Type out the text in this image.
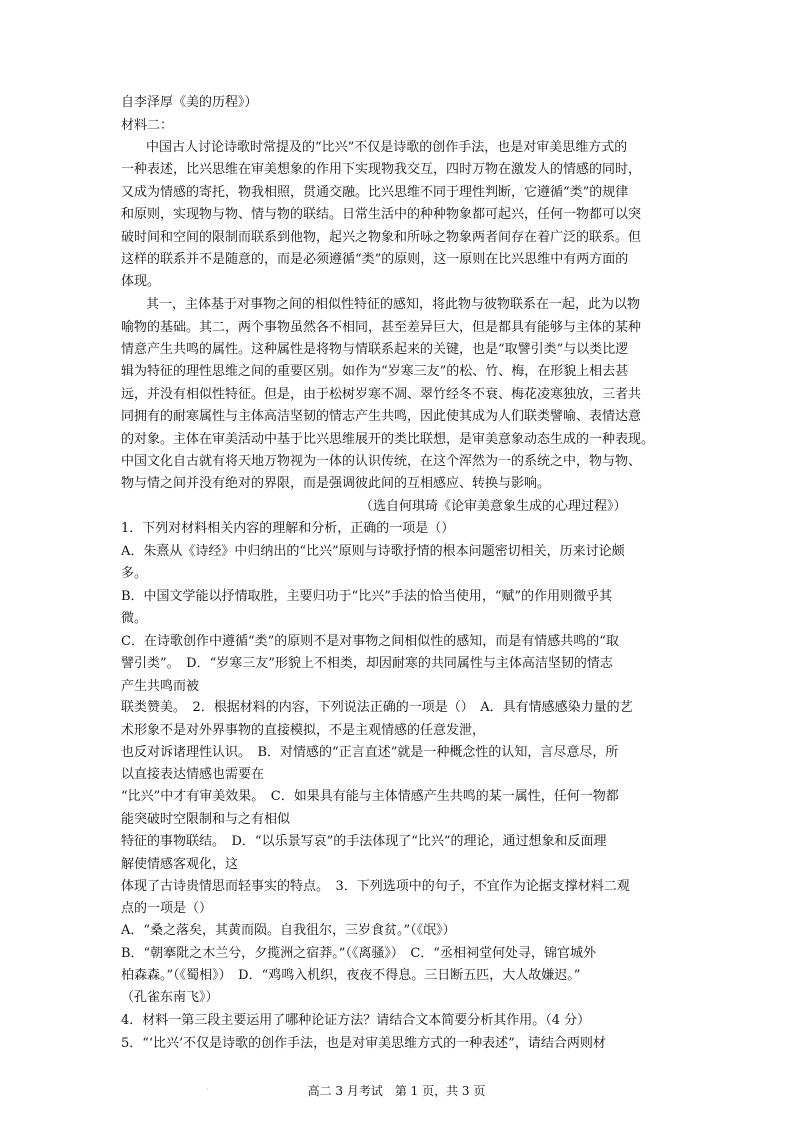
自李泽厚《美的历程》）
材料二：
中国古人讨论诗歌时常提及的“比兴”不仅是诗歌的创作手法，也是对审美思维方式的
一种表述，比兴思维在审美想象的作用下实现物我交互，四时万物在激发人的情感的同时，
又成为情感的寄托，物我相照，贯通交融。比兴思维不同于理性判断，它遵循“类”的规律
和原则，实现物与物、情与物的联结。日常生活中的种种物象都可起兴，任何一物都可以突
破时间和空间的限制而联系到他物，起兴之物象和所咏之物象两者间存在着广泛的联系。但
这样的联系并不是随意的，而是必须遵循“类”的原则，这一原则在比兴思维中有两方面的
体现。
其一，主体基于对事物之间的相似性特征的感知，将此物与彼物联系在一起，此为以物
喻物的基础。其二，两个事物虽然各不相同，甚至差异巨大，但是都具有能够与主体的某种
情意产生共鸣的属性。这种属性是将物与情联系起来的关键，也是“取譬引类”与以类比逻
辑为特征的理性思维之间的重要区别。如作为“岁寒三友”的松、竹、梅，在形貌上相去甚
远，并没有相似性特征。但是，由于松树岁寒不凋、翠竹经冬不衰、梅花凌寒独放，三者共
同拥有的耐寒属性与主体高洁坚韧的情志产生共鸣，因此使其成为人们联类譬喻、表情达意
的对象。主体在审美活动中基于比兴思维展开的类比联想，是审美意象动态生成的一种表现。
中国文化自古就有将天地万物视为一体的认识传统，在这个浑然为一的系统之中，物与物、
物与情之间并没有绝对的界限，而是强调彼此间的互相感应、转换与影响。
（选自何琪琦《论审美意象生成的心理过程》）
1．下列对材料相关内容的理解和分析，正确的一项是（）
A．朱熹从《诗经》中归纳出的“比兴”原则与诗歌抒情的根本问题密切相关，历来讨论颇
多。
B．中国文学能以抒情取胜，主要归功于“比兴”手法的恰当使用，“赋”的作用则微乎其
微。
C．在诗歌创作中遵循“类”的原则不是对事物之间相似性的感知，而是有情感共鸣的“取
譬引类”。　D．“岁寒三友”形貌上不相类，却因耐寒的共同属性与主体高洁坚韧的情志
产生共鸣而被
联类赞美。　2．根据材料的内容，下列说法正确的一项是（）　A．具有情感感染力量的艺
术形象不是对外界事物的直接模拟，不是主观情感的任意发泄，
也反对诉诸理性认识。　B．对情感的“正言直述”就是一种概念性的认知，言尽意尽，所
以直接表达情感也需要在
“比兴”中才有审美效果。　C．如果具有能与主体情感产生共鸣的某一属性，任何一物都
能突破时空限制和与之有相似
特征的事物联结。　D．“以乐景写哀”的手法体现了“比兴”的理论，通过想象和反面理
解使情感客观化，这
体现了古诗贵情思而轻事实的特点。　3．下列选项中的句子，不宜作为论据支撑材料二观
点的一项是（）
A．“桑之落矣，其黄而陨。自我徂尔，三岁食贫。”（《氓》）
B．“朝搴阰之木兰兮，夕揽洲之宿莽。”（《离骚》）　C．“丞相祠堂何处寻，锦官城外
柏森森。”（《蜀相》）　D．“鸡鸣入机织，夜夜不得息。三日断五匹，大人故嫌迟。”
（孔雀东南飞》）
4．材料一第三段主要运用了哪种论证方法？请结合文本简要分析其作用。（4 分）
5．“‘比兴’不仅是诗歌的创作手法，也是对审美思维方式的一种表述”，请结合两则材
高二 3 月考试　第 1 页，共 3 页
·
